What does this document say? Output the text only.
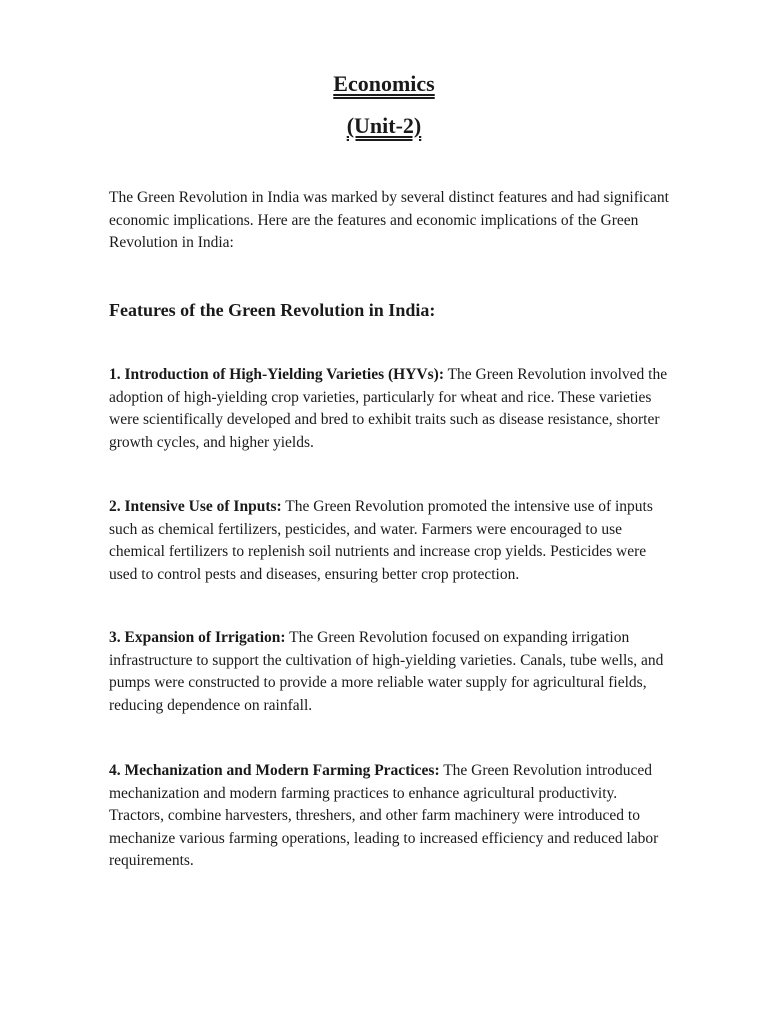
Economics
(Unit-2)

The Green Revolution in India was marked by several distinct features and had significant economic implications. Here are the features and economic implications of the Green Revolution in India:

Features of the Green Revolution in India:

1. Introduction of High-Yielding Varieties (HYVs): The Green Revolution involved the adoption of high-yielding crop varieties, particularly for wheat and rice. These varieties were scientifically developed and bred to exhibit traits such as disease resistance, shorter growth cycles, and higher yields.

2. Intensive Use of Inputs: The Green Revolution promoted the intensive use of inputs such as chemical fertilizers, pesticides, and water. Farmers were encouraged to use chemical fertilizers to replenish soil nutrients and increase crop yields. Pesticides were used to control pests and diseases, ensuring better crop protection.

3. Expansion of Irrigation: The Green Revolution focused on expanding irrigation infrastructure to support the cultivation of high-yielding varieties. Canals, tube wells, and pumps were constructed to provide a more reliable water supply for agricultural fields, reducing dependence on rainfall.

4. Mechanization and Modern Farming Practices: The Green Revolution introduced mechanization and modern farming practices to enhance agricultural productivity. Tractors, combine harvesters, threshers, and other farm machinery were introduced to mechanize various farming operations, leading to increased efficiency and reduced labor requirements.
